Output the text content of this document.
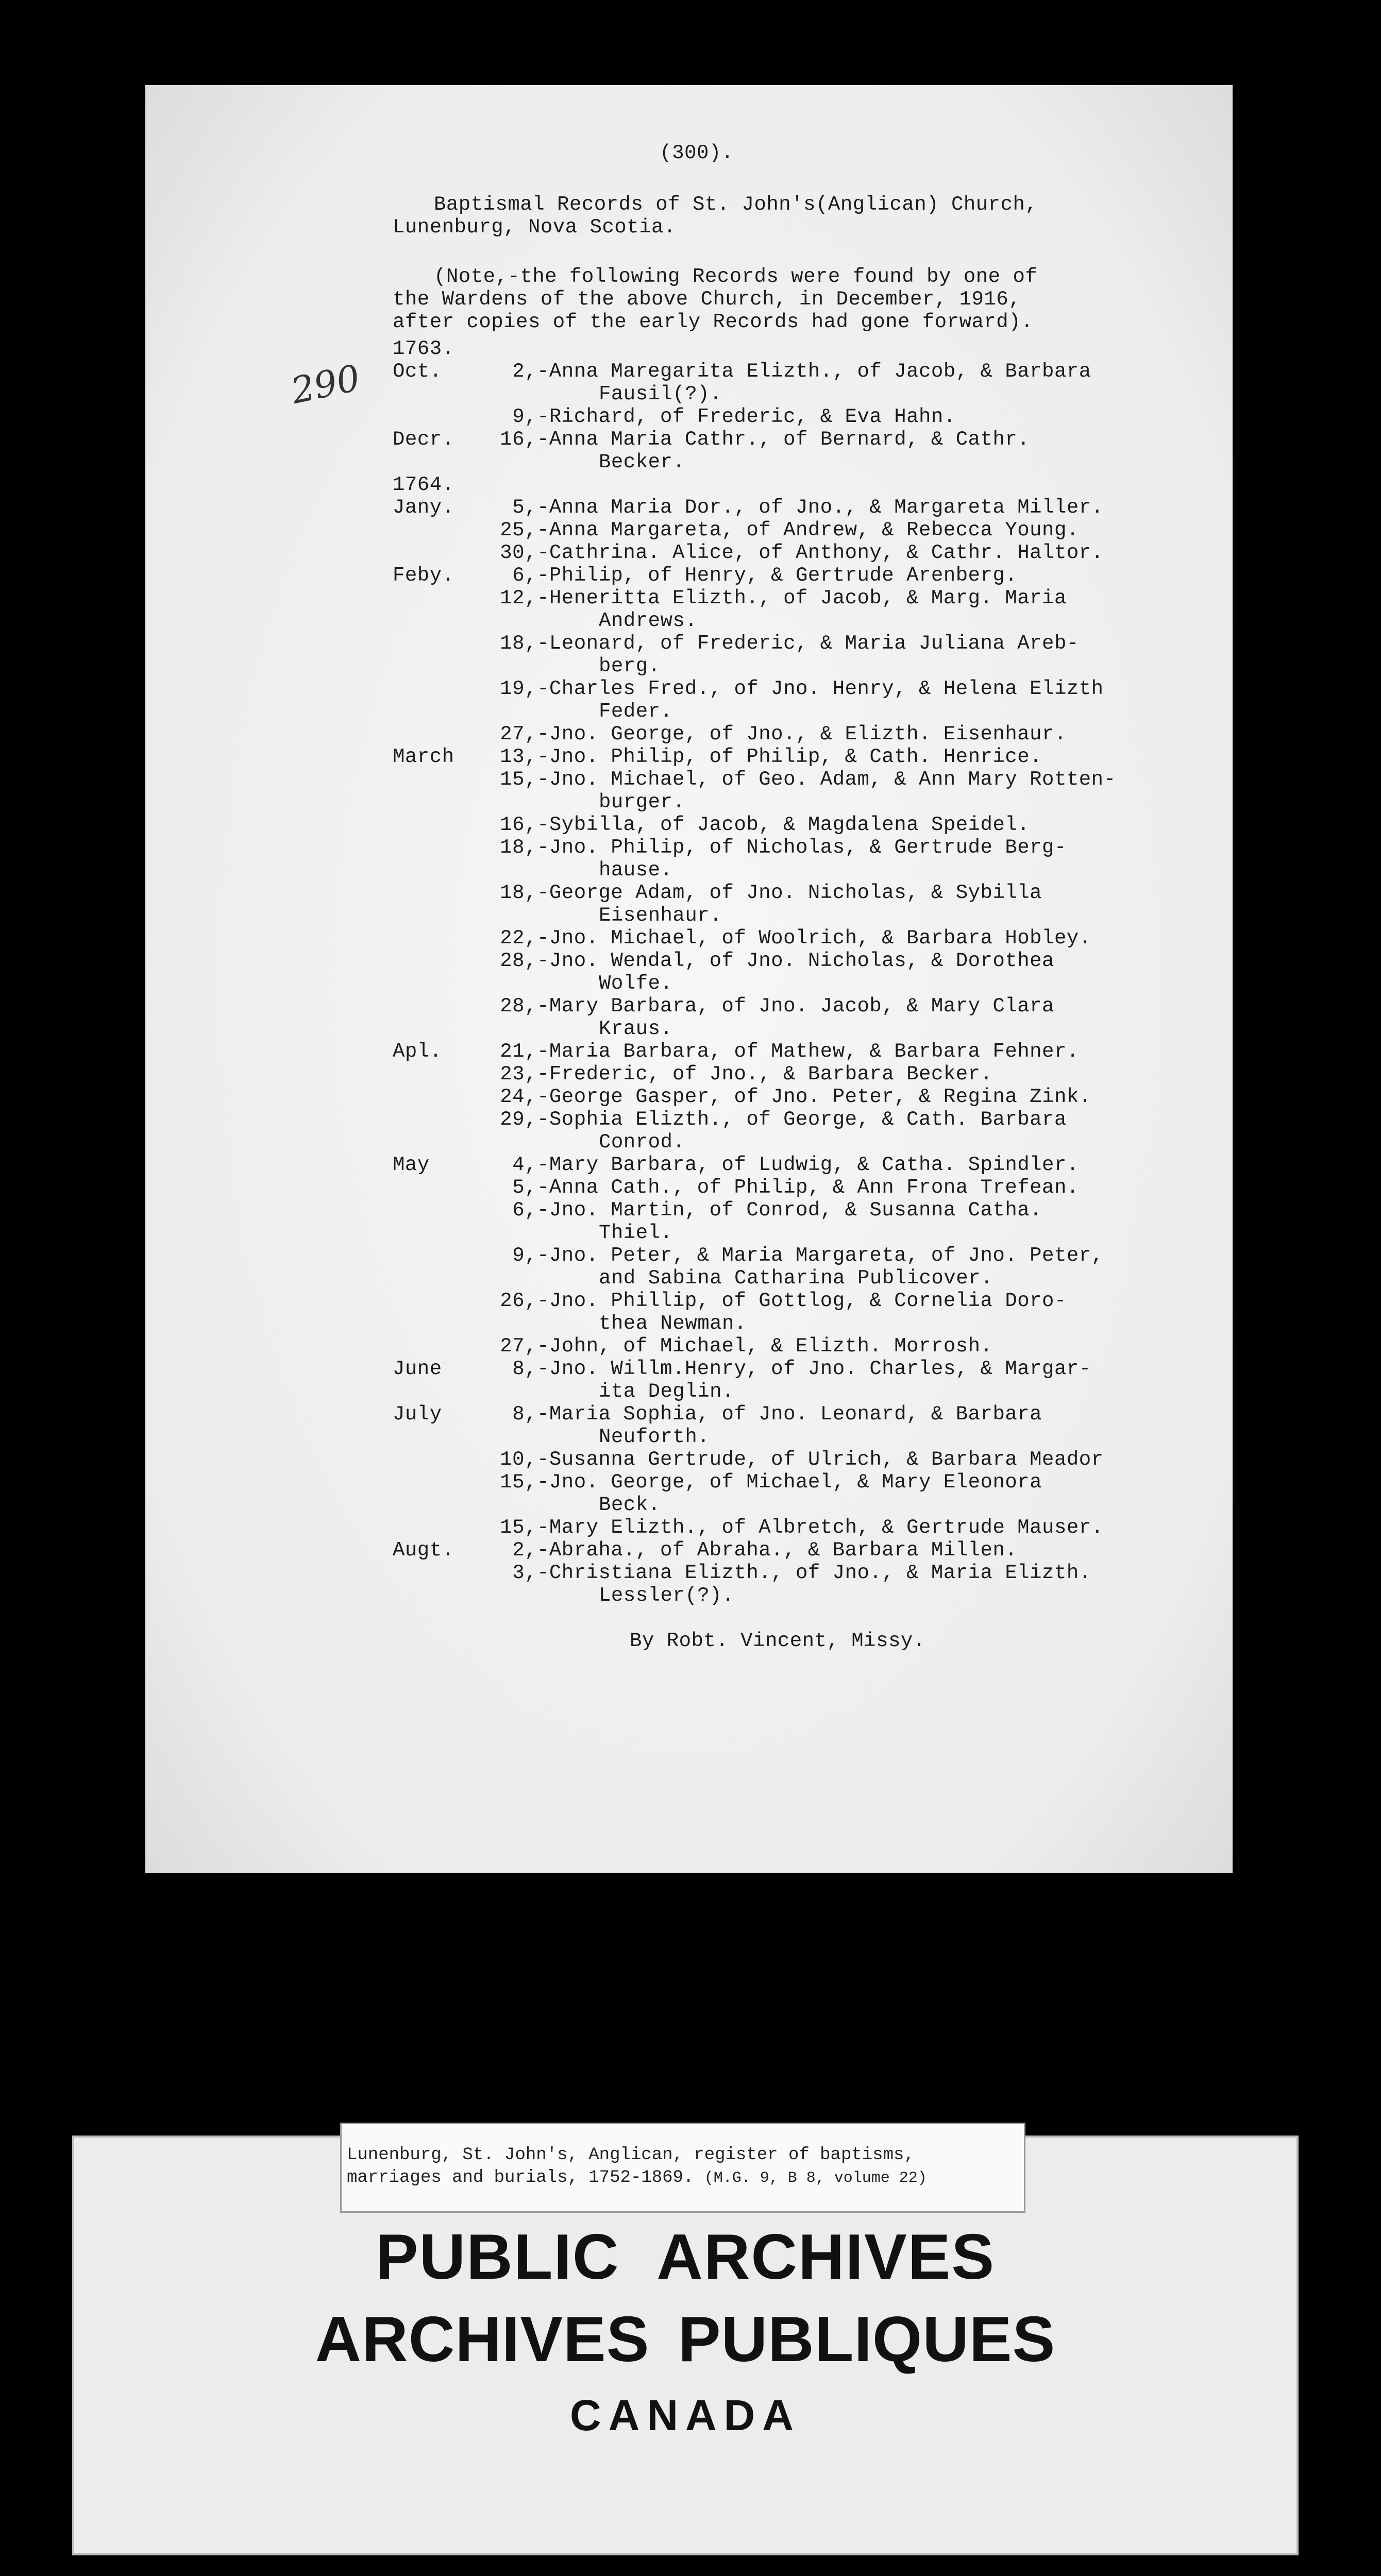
(300).
Baptismal Records of St. John's(Anglican) Church,
Lunenburg, Nova Scotia.
(Note,-the following Records were found by one of
the Wardens of the above Church, in December, 1916,
after copies of the early Records had gone forward).
1763.
Oct.	2, -Anna Maregarita Elizth., of Jacob, & Barbara
Fausil(?).
9, -Richard, of Frederic, & Eva Hahn.
Decr.	16, -Anna Maria Cathr., of Bernard, & Cathr.
Becker.
1764.
Jany.	5, -Anna Maria Dor., of Jno., & Margareta Miller.
25, -Anna Margareta, of Andrew, & Rebecca Young.
30, -Cathrina. Alice, of Anthony, & Cathr. Haltor.
Feby.	6, -Philip, of Henry, & Gertrude Arenberg.
12, -Heneritta Elizth., of Jacob, & Marg. Maria
Andrews.
18, -Leonard, of Frederic, & Maria Juliana Areb-
berg.
19, -Charles Fred., of Jno. Henry, & Helena Elizth
Feder.
27, -Jno. George, of Jno., & Elizth. Eisenhaur.
March	13, -Jno. Philip, of Philip, & Cath. Henrice.
15, -Jno. Michael, of Geo. Adam, & Ann Mary Rotten-
burger.
16, -Sybilla, of Jacob, & Magdalena Speidel.
18, -Jno. Philip, of Nicholas, & Gertrude Berg-
hause.
18, -George Adam, of Jno. Nicholas, & Sybilla
Eisenhaur.
22, -Jno. Michael, of Woolrich, & Barbara Hobley.
28, -Jno. Wendal, of Jno. Nicholas, & Dorothea
Wolfe.
28, -Mary Barbara, of Jno. Jacob, & Mary Clara
Kraus.
Apl.	21, -Maria Barbara, of Mathew, & Barbara Fehner.
23, -Frederic, of Jno., & Barbara Becker.
24, -George Gasper, of Jno. Peter, & Regina Zink.
29, -Sophia Elizth., of George, & Cath. Barbara
Conrod.
May	4, -Mary Barbara, of Ludwig, & Catha. Spindler.
5, -Anna Cath., of Philip, & Ann Frona Trefean.
6, -Jno. Martin, of Conrod, & Susanna Catha.
Thiel.
9, -Jno. Peter, & Maria Margareta, of Jno. Peter,
and Sabina Catharina Publicover.
26, -Jno. Phillip, of Gottlog, & Cornelia Doro-
thea Newman.
27, -John, of Michael, & Elizth. Morrosh.
June	8, -Jno. Willm.Henry, of Jno. Charles, & Margar-
ita Deglin.
July	8, -Maria Sophia, of Jno. Leonard, & Barbara
Neuforth.
10, -Susanna Gertrude, of Ulrich, & Barbara Meador
15, -Jno. George, of Michael, & Mary Eleonora
Beck.
15, -Mary Elizth., of Albretch, & Gertrude Mauser.
Augt.	2, -Abraha., of Abraha., & Barbara Millen.
3, -Christiana Elizth., of Jno., & Maria Elizth.
Lessler(?).
By Robt. Vincent, Missy.
290
Lunenburg, St. John's, Anglican, register of baptisms,
marriages and burials, 1752-1869. (M.G. 9, B 8, volume 22)
PUBLIC ARCHIVES
ARCHIVES PUBLIQUES
CANADA
